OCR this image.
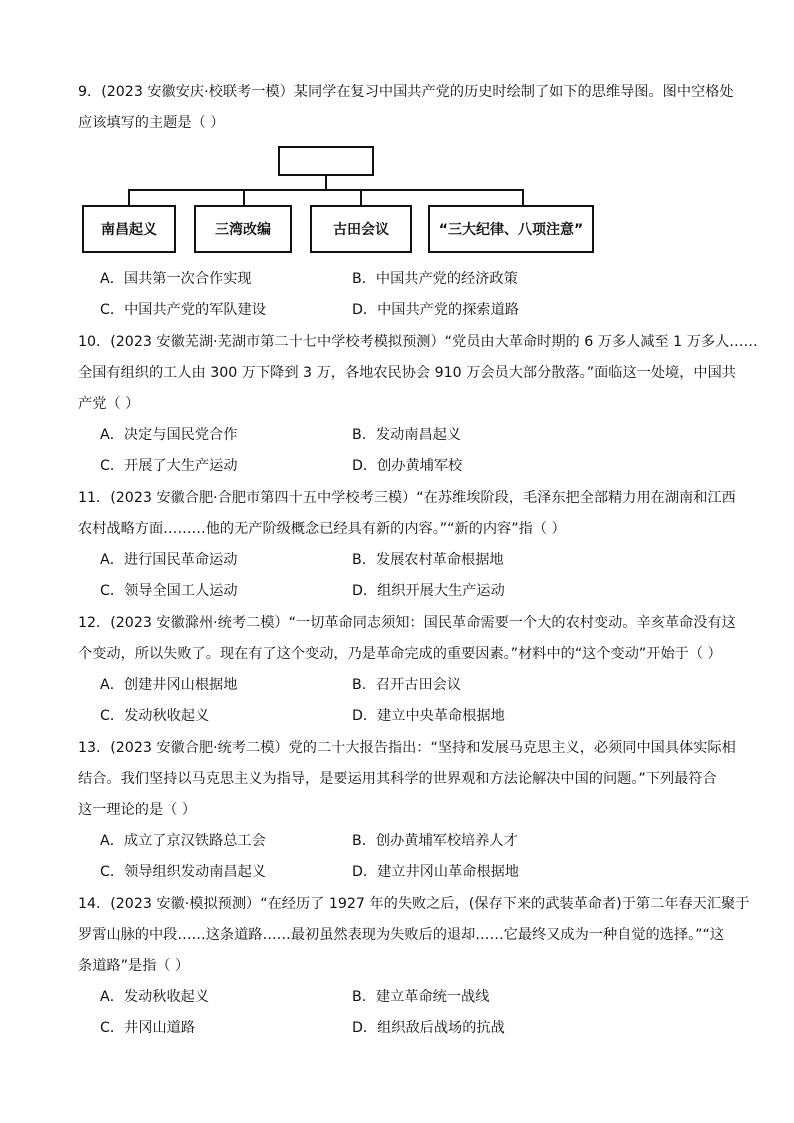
9．(2023 安徽安庆·校联考一模）某同学在复习中国共产党的历史时绘制了如下的思维导图。图中空格处
应该填写的主题是（ ）
南昌起义	三湾改编	古田会议	“三大纪律、八项注意”
A．国共第一次合作实现	B．中国共产党的经济政策
C．中国共产党的军队建设	D．中国共产党的探索道路
10．(2023 安徽芜湖·芜湖市第二十七中学校考模拟预测）“党员由大革命时期的 6 万多人减至 1 万多人……
全国有组织的工人由 300 万下降到 3 万，各地农民协会 910 万会员大部分散落。”面临这一处境，中国共
产党（ ）
A．决定与国民党合作	B．发动南昌起义
C．开展了大生产运动	D．创办黄埔军校
11．(2023 安徽合肥·合肥市第四十五中学校考三模）“在苏维埃阶段，毛泽东把全部精力用在湖南和江西
农村战略方面………他的无产阶级概念已经具有新的内容。”“新的内容”指（ ）
A．进行国民革命运动	B．发展农村革命根据地
C．领导全国工人运动	D．组织开展大生产运动
12．(2023 安徽滁州·统考二模）“一切革命同志须知：国民革命需要一个大的农村变动。辛亥革命没有这
个变动，所以失败了。现在有了这个变动，乃是革命完成的重要因素。”材料中的“这个变动”开始于（ ）
A．创建井冈山根据地	B．召开古田会议
C．发动秋收起义	D．建立中央革命根据地
13．(2023 安徽合肥·统考二模）党的二十大报告指出：“坚持和发展马克思主义，必须同中国具体实际相
结合。我们坚持以马克思主义为指导，是要运用其科学的世界观和方法论解决中国的问题。”下列最符合
这一理论的是（ ）
A．成立了京汉铁路总工会	B．创办黄埔军校培养人才
C．领导组织发动南昌起义	D．建立井冈山革命根据地
14．(2023 安徽·模拟预测）“在经历了 1927 年的失败之后，(保存下来的武装革命者)于第二年春天汇聚于
罗霄山脉的中段……这条道路……最初虽然表现为失败后的退却……它最终又成为一种自觉的选择。”“这
条道路”是指（ ）
A．发动秋收起义	B．建立革命统一战线
C．井冈山道路	D．组织敌后战场的抗战
